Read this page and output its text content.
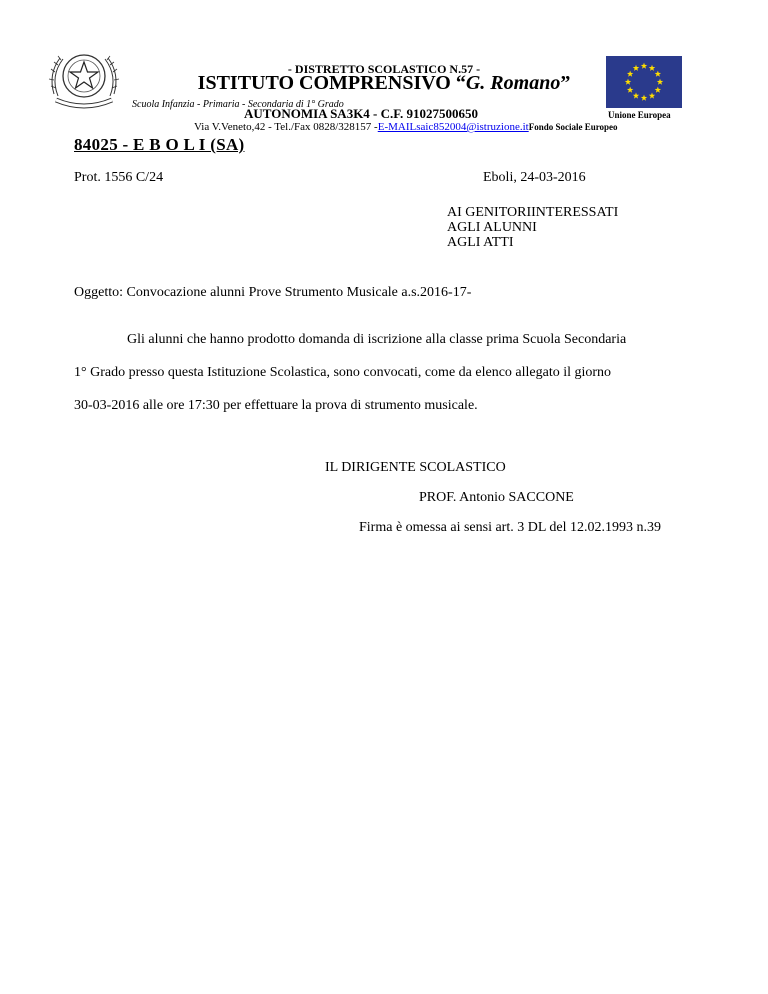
- DISTRETTO SCOLASTICO N.57 -
ISTITUTO COMPRENSIVO “G. Romano”
Scuola Infanzia - Primaria - Secondaria di 1° Grado
AUTONOMIA SA3K4 - C.F. 91027500650	Unione Europea
Via V.Veneto,42 - Tel./Fax 0828/328157 -E-MAILsaic852004@istruzione.itFondo Sociale Europeo
84025 - E B O L I (SA)
Prot. 1556 C/24	Eboli, 24-03-2016
AI GENITORIINTERESSATI
AGLI ALUNNI
AGLI ATTI
Oggetto: Convocazione alunni Prove Strumento Musicale a.s.2016-17-
Gli alunni che hanno prodotto domanda di iscrizione alla classe prima Scuola Secondaria
1° Grado presso questa Istituzione Scolastica, sono convocati, come da elenco allegato il giorno
30-03-2016 alle ore 17:30 per effettuare la prova di strumento musicale.
IL DIRIGENTE SCOLASTICO
PROF. Antonio SACCONE
Firma è omessa ai sensi art. 3 DL del 12.02.1993 n.39
